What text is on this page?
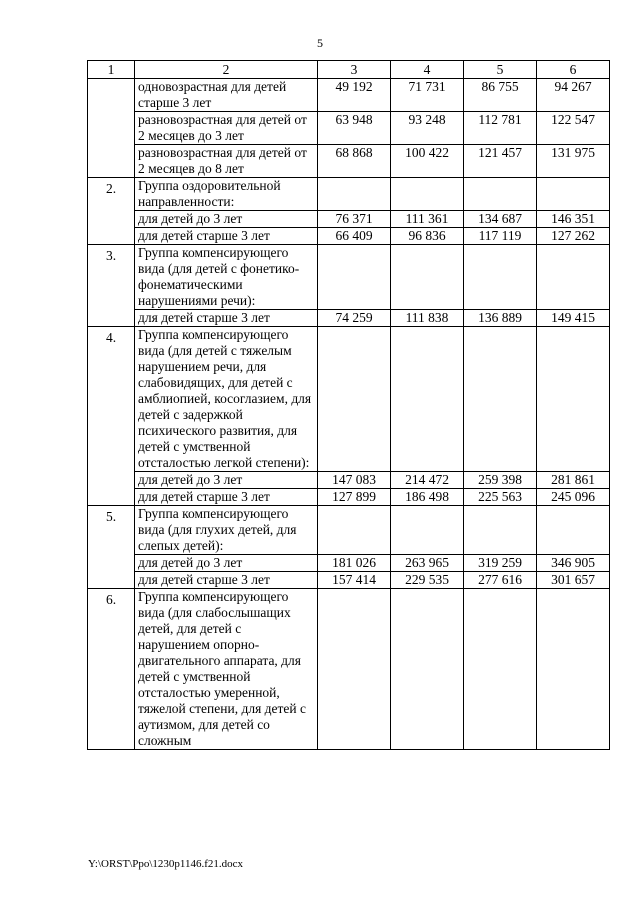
5
1	2	3	4	5	6
	одновозрастная для детей старше 3 лет	49 192	71 731	86 755	94 267
	разновозрастная для детей от 2 месяцев до 3 лет	63 948	93 248	112 781	122 547
	разновозрастная для детей от 2 месяцев до 8 лет	68 868	100 422	121 457	131 975
2.	Группа оздоровительной направленности:				
	для детей до 3 лет	76 371	111 361	134 687	146 351
	для детей старше 3 лет	66 409	96 836	117 119	127 262
3.	Группа компенсирующего вида (для детей с фонетико-фонематическими нарушениями речи):				
	для детей старше 3 лет	74 259	111 838	136 889	149 415
4.	Группа компенсирующего вида (для детей с тяжелым нарушением речи, для слабовидящих, для детей с амблиопией, косоглазием, для детей с задержкой психического развития, для детей с умственной отсталостью легкой степени):				
	для детей до 3 лет	147 083	214 472	259 398	281 861
	для детей старше 3 лет	127 899	186 498	225 563	245 096
5.	Группа компенсирующего вида (для глухих детей, для слепых детей):				
	для детей до 3 лет	181 026	263 965	319 259	346 905
	для детей старше 3 лет	157 414	229 535	277 616	301 657
6.	Группа компенсирующего вида (для слабослышащих детей, для детей с нарушением опорно-двигательного аппарата, для детей с умственной отсталостью умеренной, тяжелой степени, для детей с аутизмом, для детей со сложным				
Y:\ORST\Ppo\1230p1146.f21.docx
